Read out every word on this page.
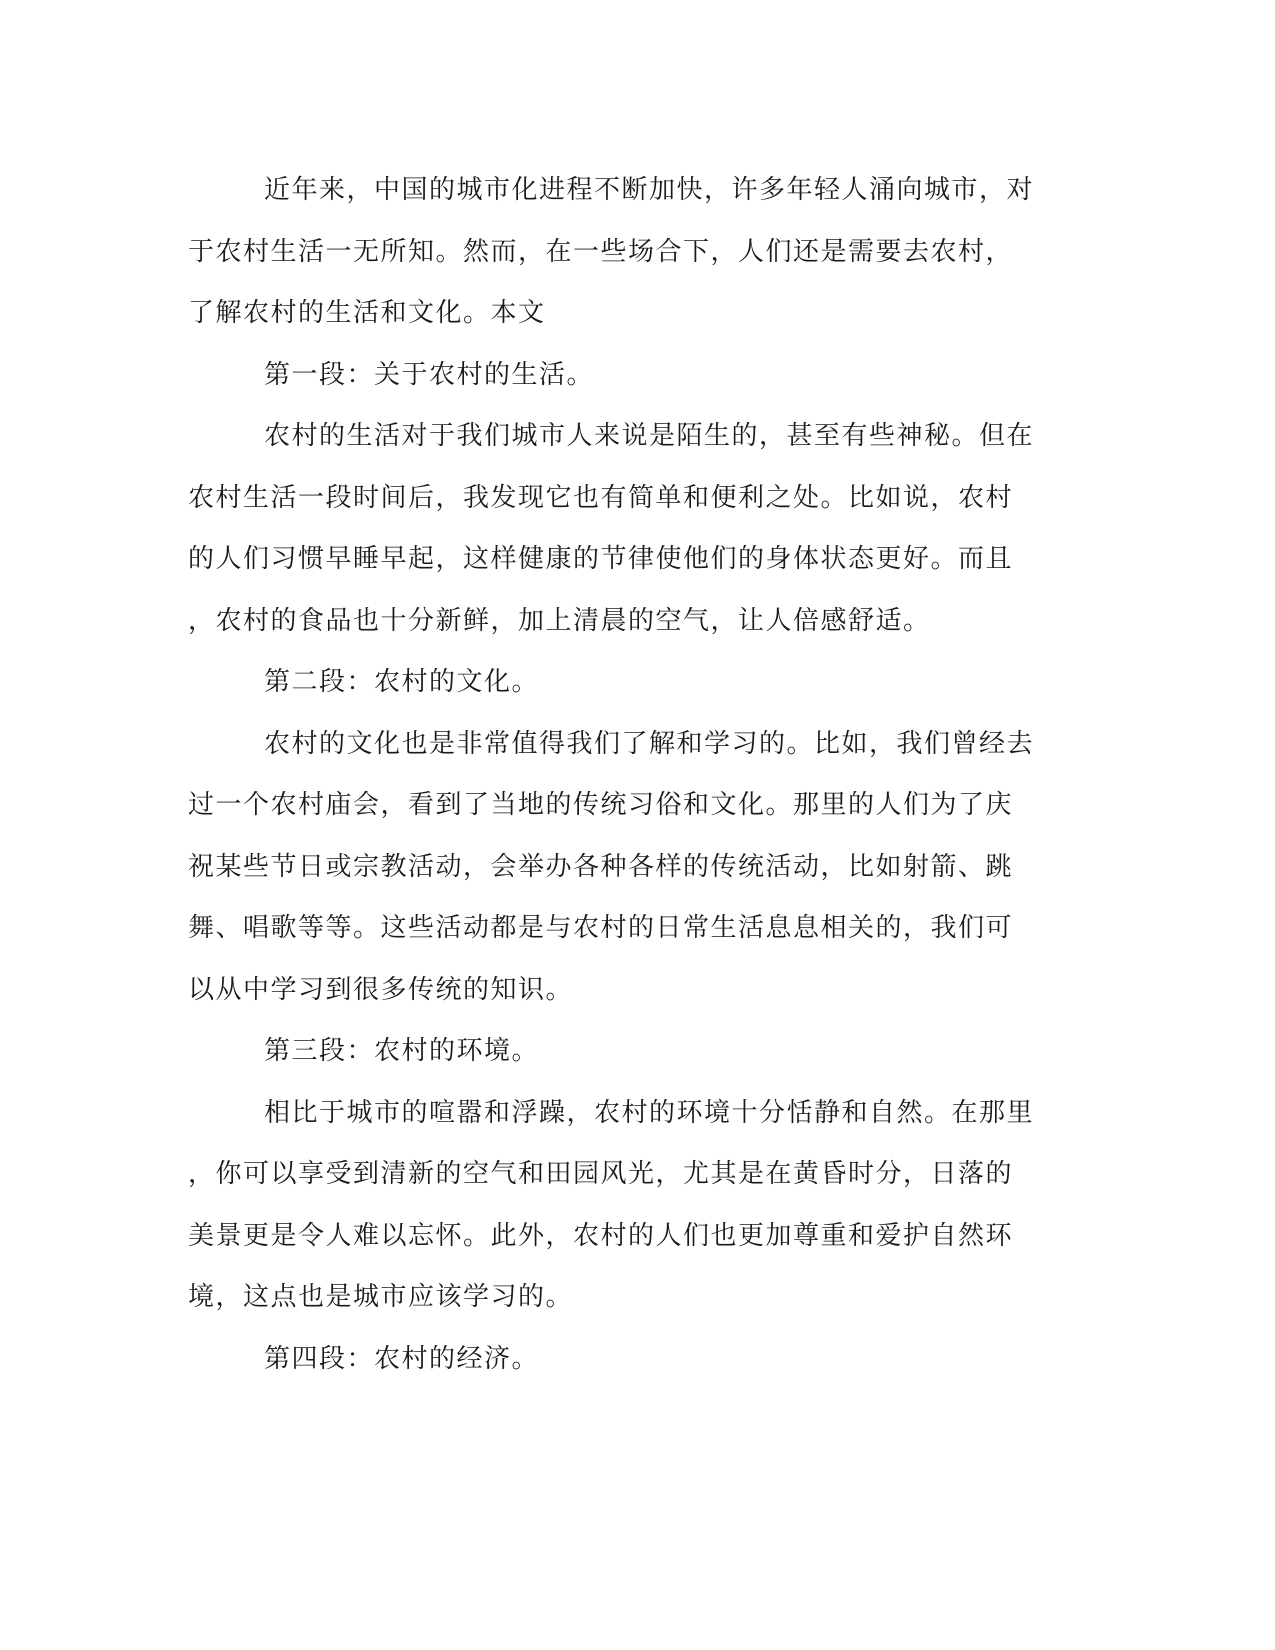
近年来，中国的城市化进程不断加快，许多年轻人涌向城市，对
于农村生活一无所知。然而，在一些场合下，人们还是需要去农村，
了解农村的生活和文化。本文
第一段：关于农村的生活。
农村的生活对于我们城市人来说是陌生的，甚至有些神秘。但在
农村生活一段时间后，我发现它也有简单和便利之处。比如说，农村
的人们习惯早睡早起，这样健康的节律使他们的身体状态更好。而且
，农村的食品也十分新鲜，加上清晨的空气，让人倍感舒适。
第二段：农村的文化。
农村的文化也是非常值得我们了解和学习的。比如，我们曾经去
过一个农村庙会，看到了当地的传统习俗和文化。那里的人们为了庆
祝某些节日或宗教活动，会举办各种各样的传统活动，比如射箭、跳
舞、唱歌等等。这些活动都是与农村的日常生活息息相关的，我们可
以从中学习到很多传统的知识。
第三段：农村的环境。
相比于城市的喧嚣和浮躁，农村的环境十分恬静和自然。在那里
，你可以享受到清新的空气和田园风光，尤其是在黄昏时分，日落的
美景更是令人难以忘怀。此外，农村的人们也更加尊重和爱护自然环
境，这点也是城市应该学习的。
第四段：农村的经济。
